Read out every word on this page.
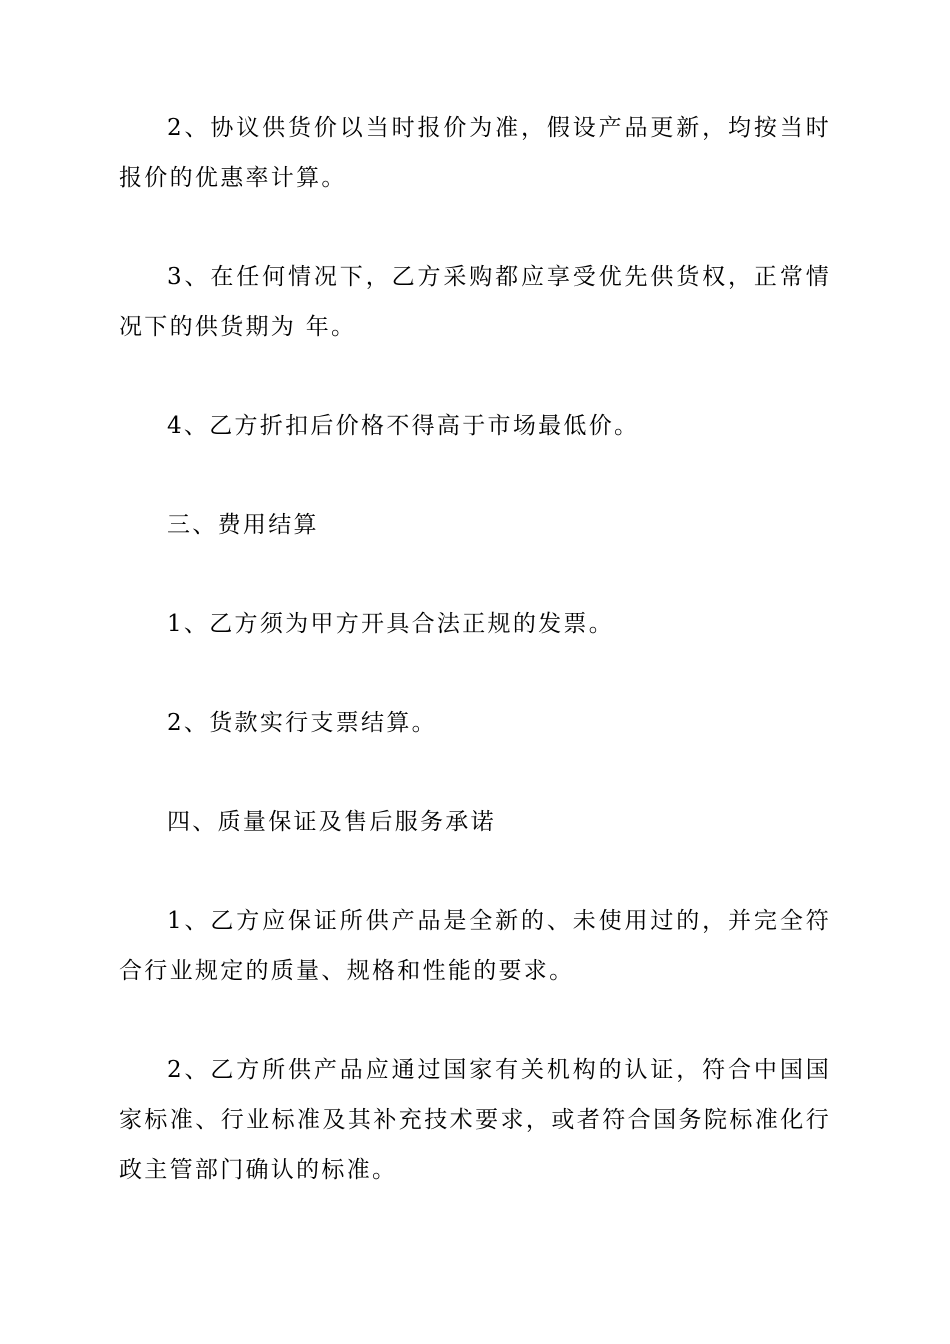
2、协议供货价以当时报价为准，假设产品更新，均按当时报价的优惠率计算。

3、在任何情况下，乙方采购都应享受优先供货权，正常情况下的供货期为 年。

4、乙方折扣后价格不得高于市场最低价。

三、费用结算

1、乙方须为甲方开具合法正规的发票。

2、货款实行支票结算。

四、质量保证及售后服务承诺

1、乙方应保证所供产品是全新的、未使用过的，并完全符合行业规定的质量、规格和性能的要求。

2、乙方所供产品应通过国家有关机构的认证，符合中国国家标准、行业标准及其补充技术要求，或者符合国务院标准化行政主管部门确认的标准。
